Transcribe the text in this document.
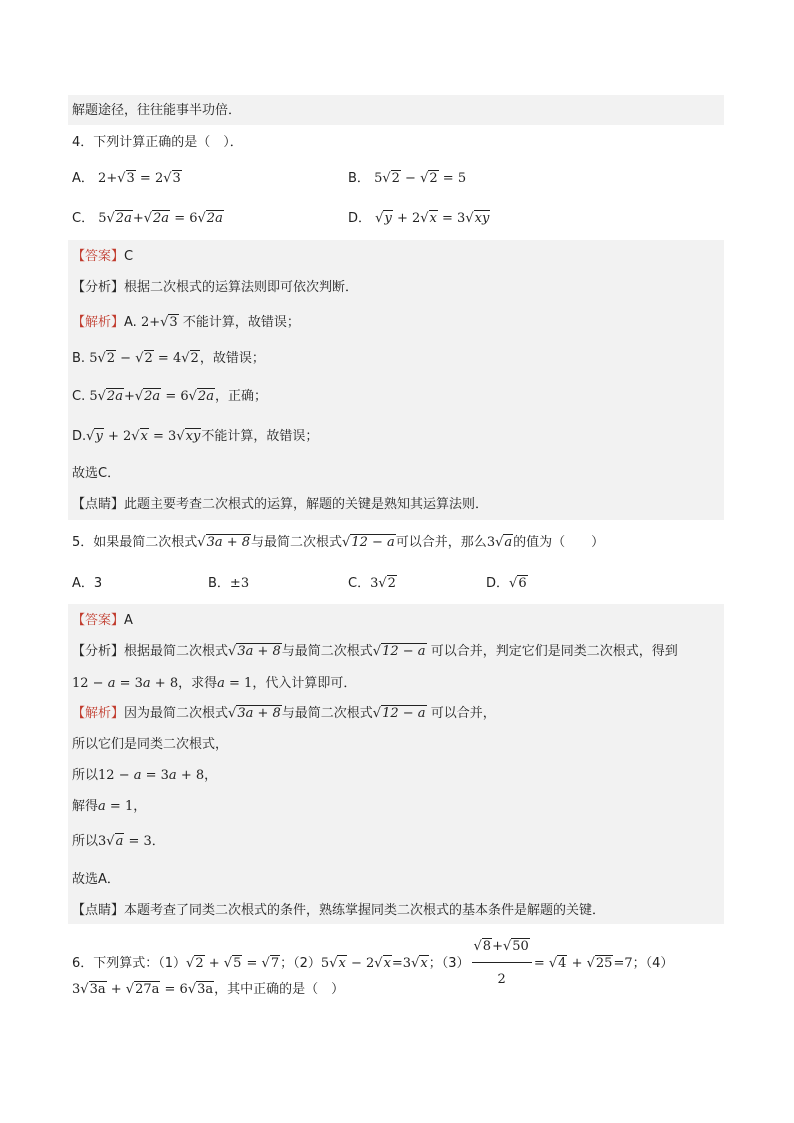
解题途径，往往能事半功倍．
4．下列计算正确的是（　）．
A． 2+√3 = 2√3	B． 5√2 − √2 = 5
C． 5√2a+√2a = 6√2a	D． √y + 2√x = 3√xy
【答案】C
【分析】根据二次根式的运算法则即可依次判断．
【解析】A. 2+√3 不能计算，故错误；
B. 5√2 − √2 = 4√2，故错误；
C. 5√2a+√2a = 6√2a，正确；
D.√y + 2√x = 3√xy不能计算，故错误；
故选C．
【点睛】此题主要考查二次根式的运算，解题的关键是熟知其运算法则．
5．如果最简二次根式√3a + 8与最简二次根式√12 − a可以合并，那么3√a的值为（　　）
A．3	B．±3	C．3√2	D．√6
【答案】A
【分析】根据最简二次根式√3a + 8与最简二次根式√12 − a 可以合并，判定它们是同类二次根式，得到
12 − a = 3a + 8，求得a = 1，代入计算即可．
【解析】因为最简二次根式√3a + 8与最简二次根式√12 − a 可以合并，
所以它们是同类二次根式，
所以12 − a = 3a + 8，
解得a = 1，
所以3√a = 3．
故选A．
【点睛】本题考查了同类二次根式的条件，熟练掌握同类二次根式的基本条件是解题的关键．
6．下列算式：（1）√2 + √5 = √7；（2）5√x − 2√x=3√x；$(3) \frac{√8+√50}{2} = √4 + √25=7$；（4）
3√3a + √27a = 6√3a，其中正确的是（　）
